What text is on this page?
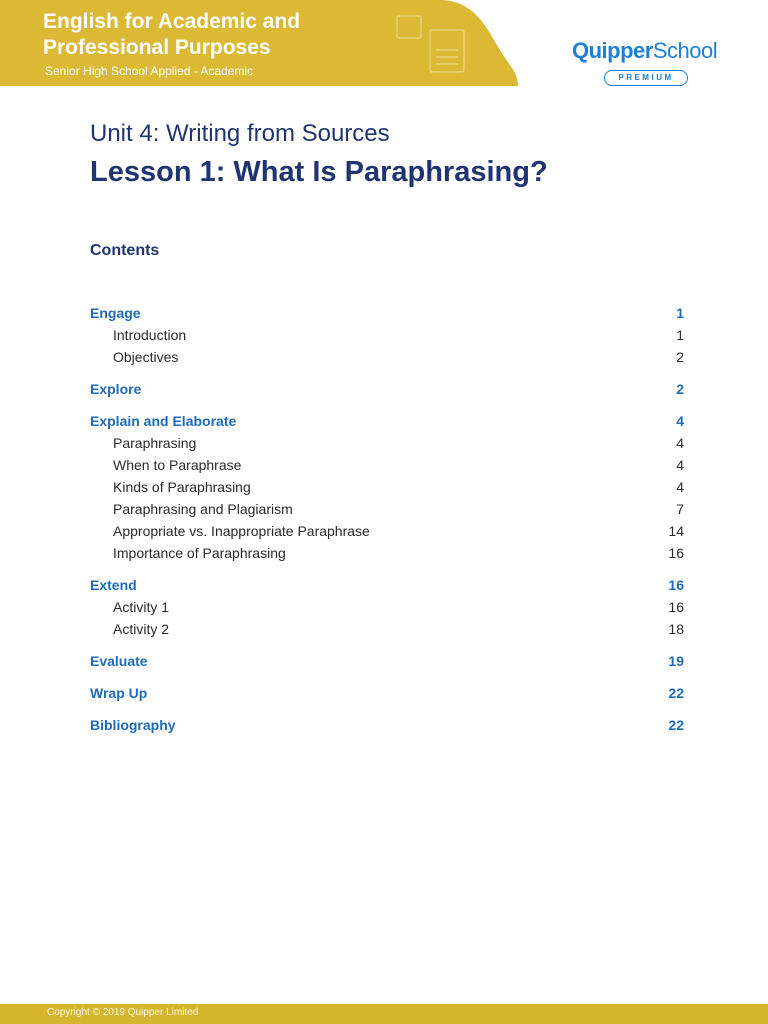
English for Academic and Professional Purposes
Senior High School Applied - Academic
QuipperSchool
PREMIUM
Unit 4: Writing from Sources
Lesson 1: What Is Paraphrasing?
Contents
Engage	1
Introduction	1
Objectives	2
Explore	2
Explain and Elaborate	4
Paraphrasing	4
When to Paraphrase	4
Kinds of Paraphrasing	4
Paraphrasing and Plagiarism	7
Appropriate vs. Inappropriate Paraphrase	14
Importance of Paraphrasing	16
Extend	16
Activity 1	16
Activity 2	18
Evaluate	19
Wrap Up	22
Bibliography	22
Copyright © 2019 Quipper Limited
